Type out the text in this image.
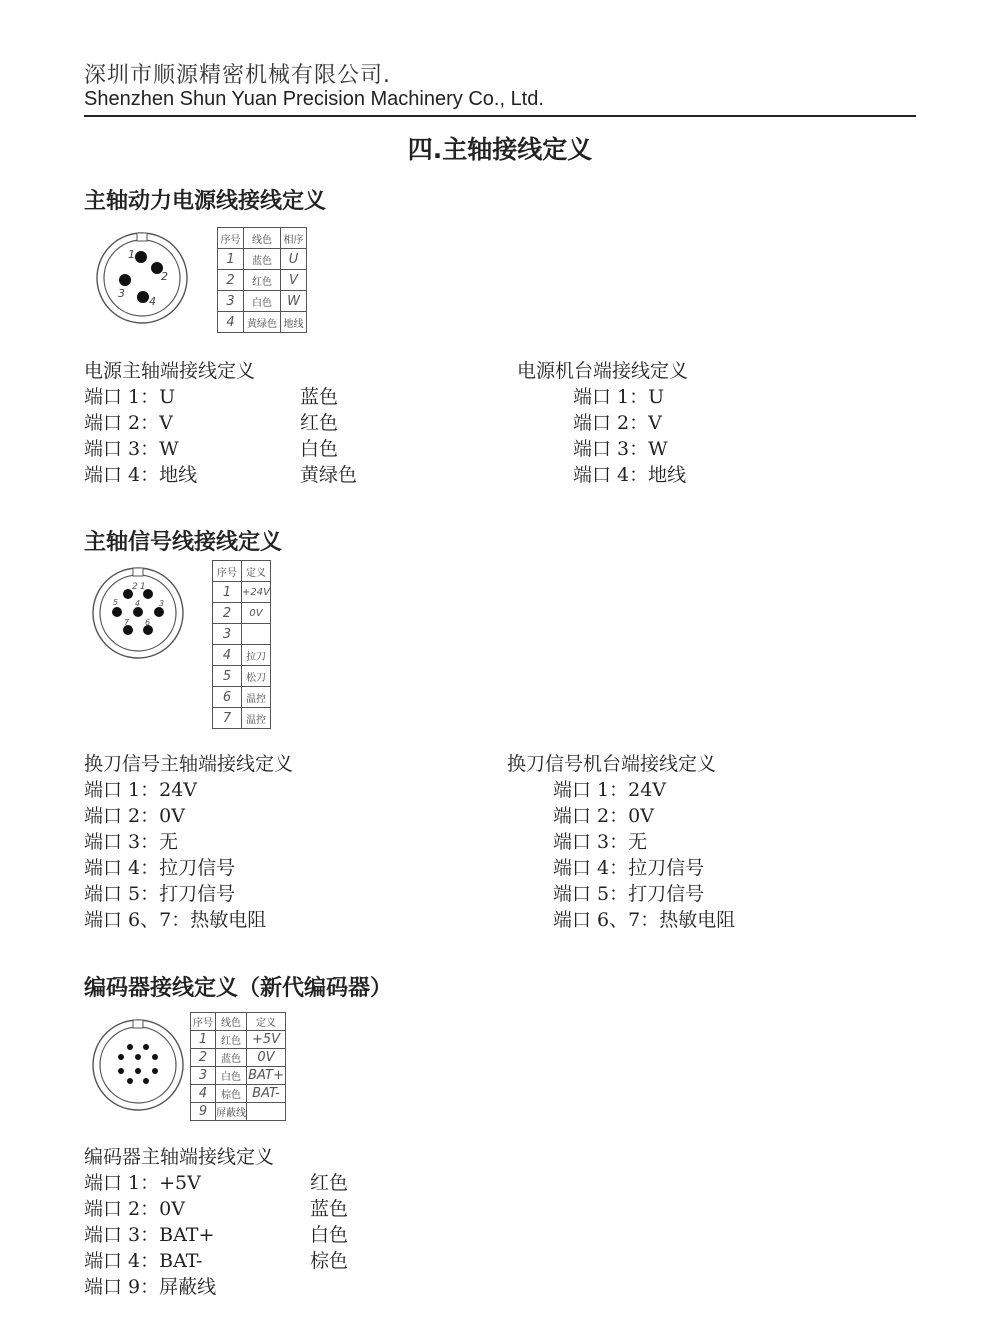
深圳市顺源精密机械有限公司.
Shenzhen Shun Yuan Precision Machinery Co., Ltd.
四.主轴接线定义
主轴动力电源线接线定义
1
2
3
4
序号	线色	相序
1	蓝色	U
2	红色	V
3	白色	W
4	黄绿色	地线
电源主轴端接线定义
端口 1：U	蓝色
端口 2：V	红色
端口 3：W	白色
端口 4：地线	黄绿色
电源机台端接线定义
端口 1：U
端口 2：V
端口 3：W
端口 4：地线
主轴信号线接线定义
2 1
5 4 3
7 6
序号	定义
1	+24V
2	0V
3	
4	拉刀
5	松刀
6	温控
7	温控
换刀信号主轴端接线定义
端口 1：24V
端口 2：0V
端口 3：无
端口 4：拉刀信号
端口 5：打刀信号
端口 6、7：热敏电阻
换刀信号机台端接线定义
端口 1：24V
端口 2：0V
端口 3：无
端口 4：拉刀信号
端口 5：打刀信号
端口 6、7：热敏电阻
编码器接线定义（新代编码器）
序号	线色	定义
1	红色	+5V
2	蓝色	0V
3	白色	BAT+
4	棕色	BAT-
9	屏蔽线	
编码器主轴端接线定义
端口 1：+5V	红色
端口 2：0V	蓝色
端口 3：BAT+	白色
端口 4：BAT-	棕色
端口 9：屏蔽线
